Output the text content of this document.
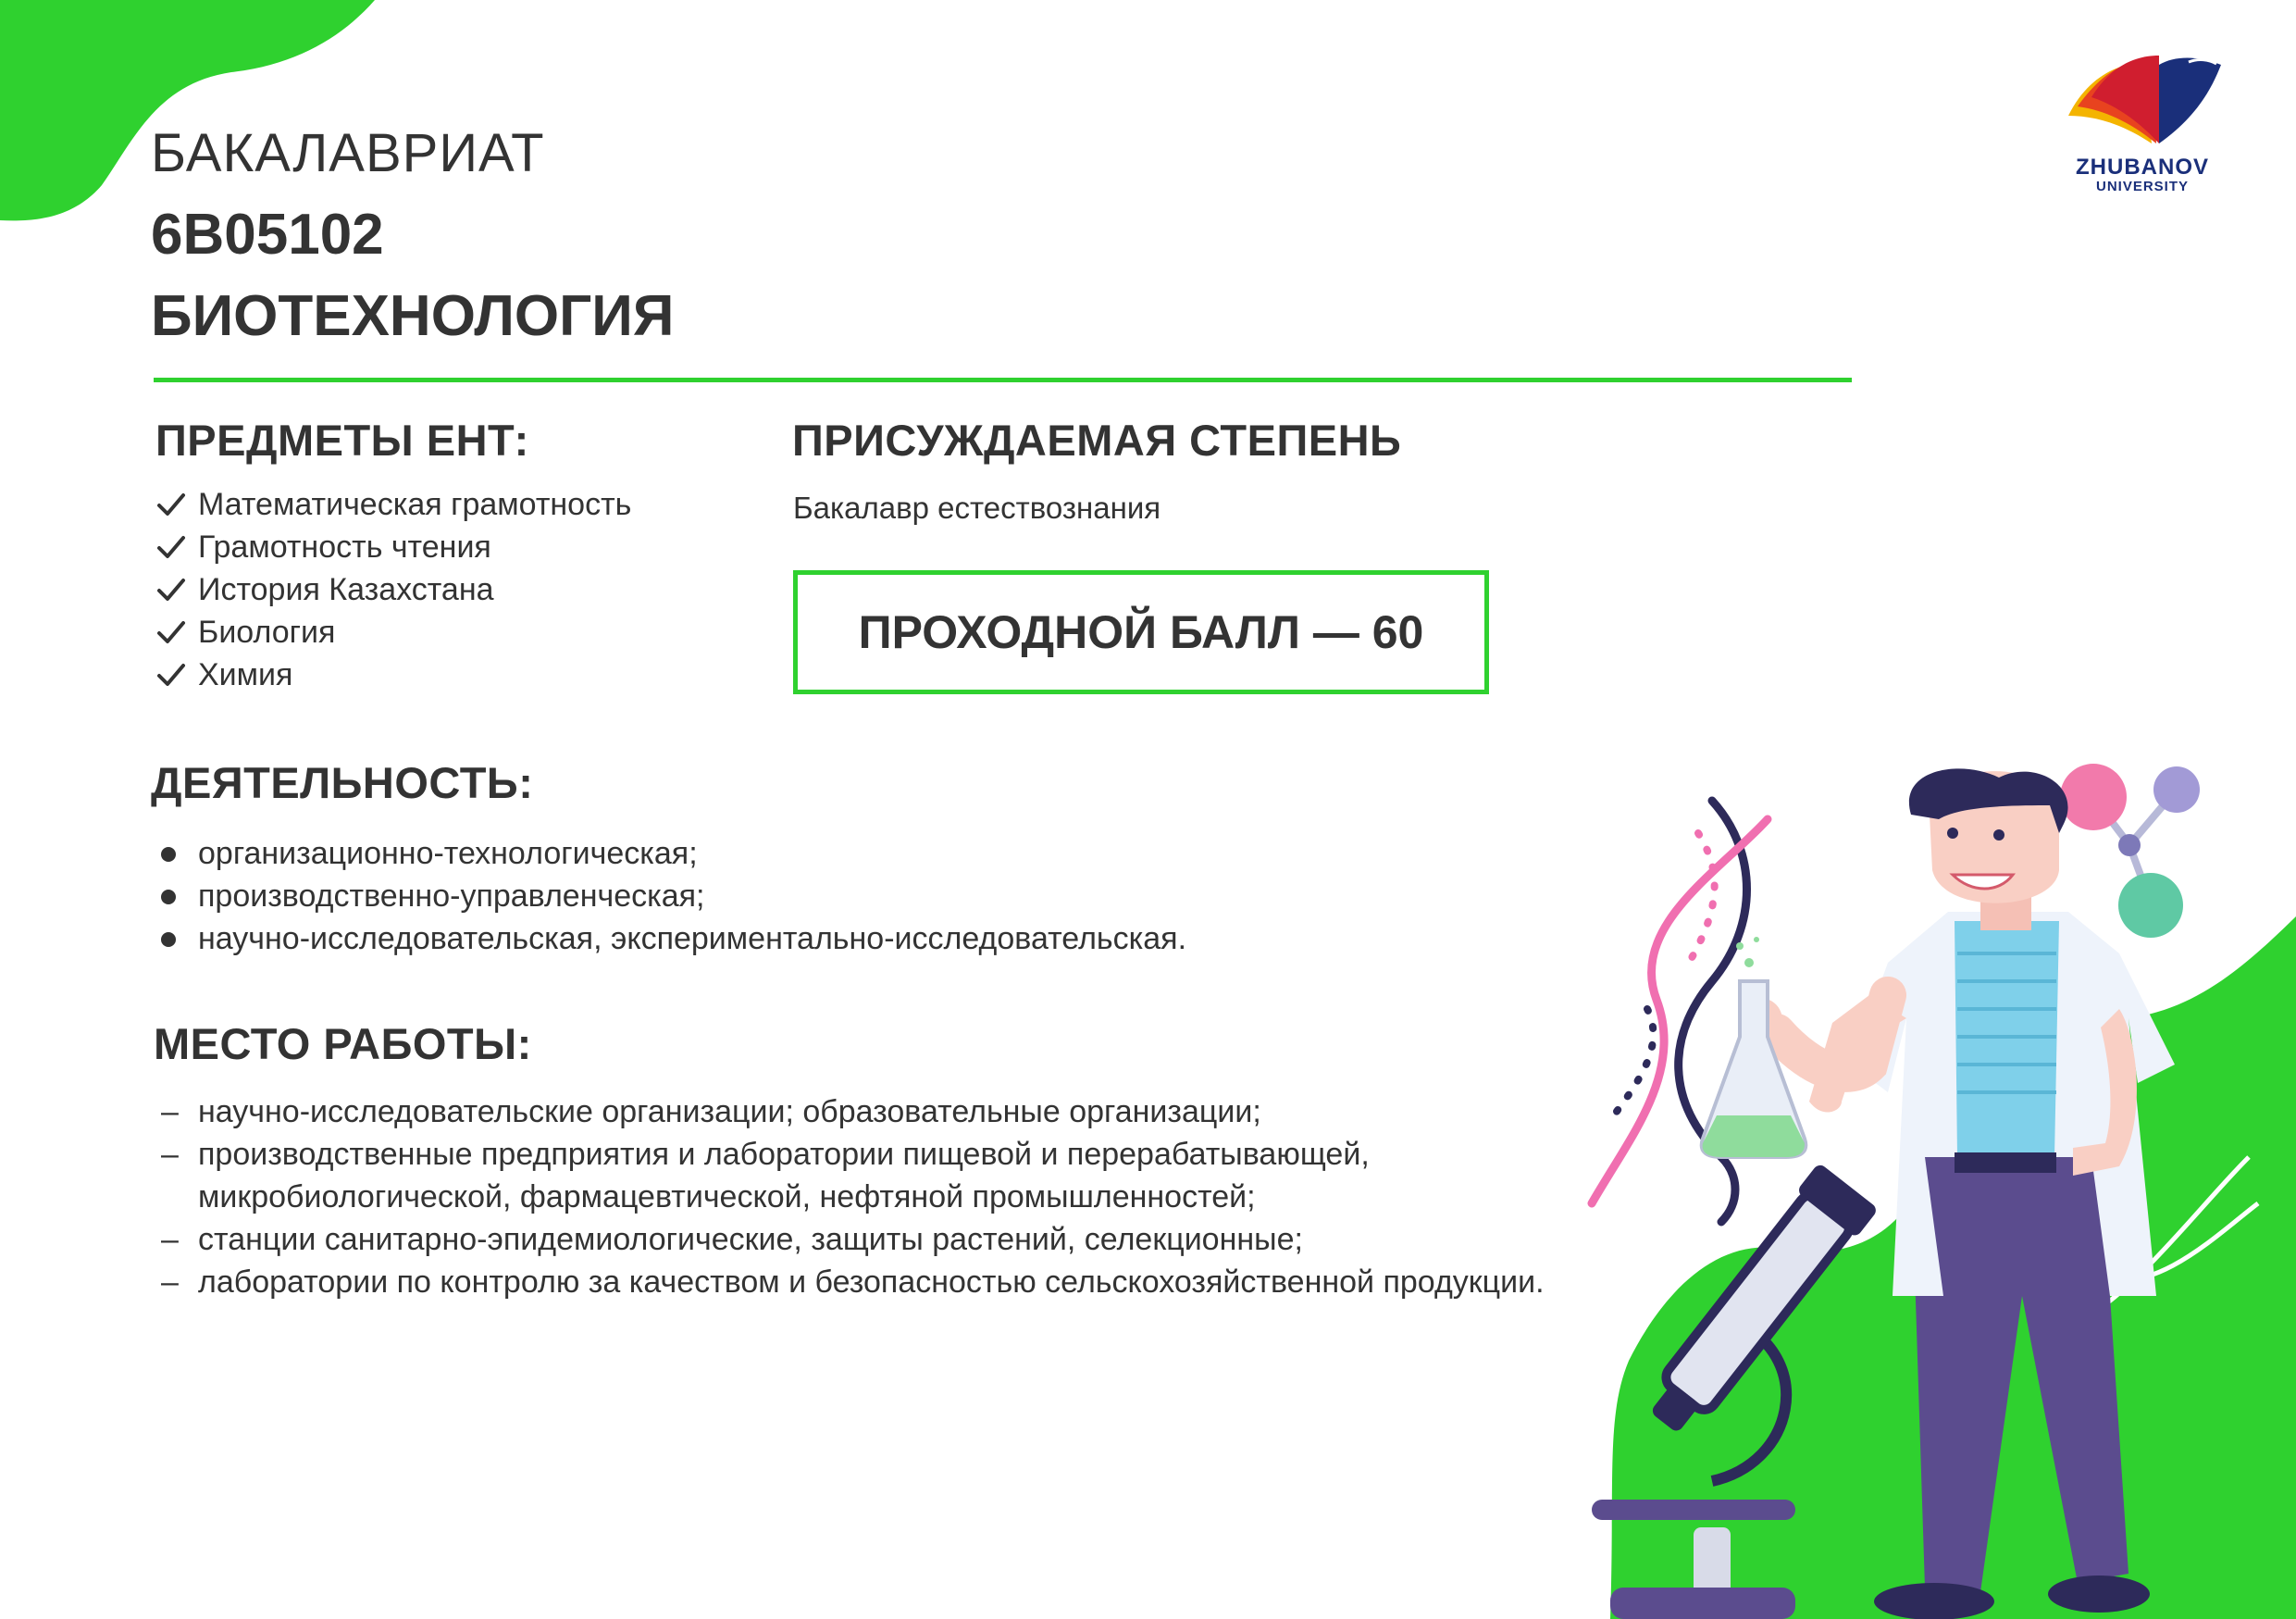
ZHUBANOV
UNIVERSITY
БАКАЛАВРИАТ
6В05102
БИОТЕХНОЛОГИЯ
ПРЕДМЕТЫ ЕНТ:
Математическая грамотность
Грамотность чтения
История Казахстана
Биология
Химия
ПРИСУЖДАЕМАЯ СТЕПЕНЬ
Бакалавр естествознания
ПРОХОДНОЙ БАЛЛ — 60
ДЕЯТЕЛЬНОСТЬ:
организационно-технологическая;
производственно-управленческая;
научно-исследовательская, экспериментально-исследовательская.
МЕСТО РАБОТЫ:
– научно-исследовательские организации; образовательные организации;
– производственные предприятия и лаборатории пищевой и перерабатывающей, микробиологической, фармацевтической, нефтяной промышленностей;
– станции санитарно-эпидемиологические, защиты растений, селекционные;
– лаборатории по контролю за качеством и безопасностью сельскохозяйственной продукции.
